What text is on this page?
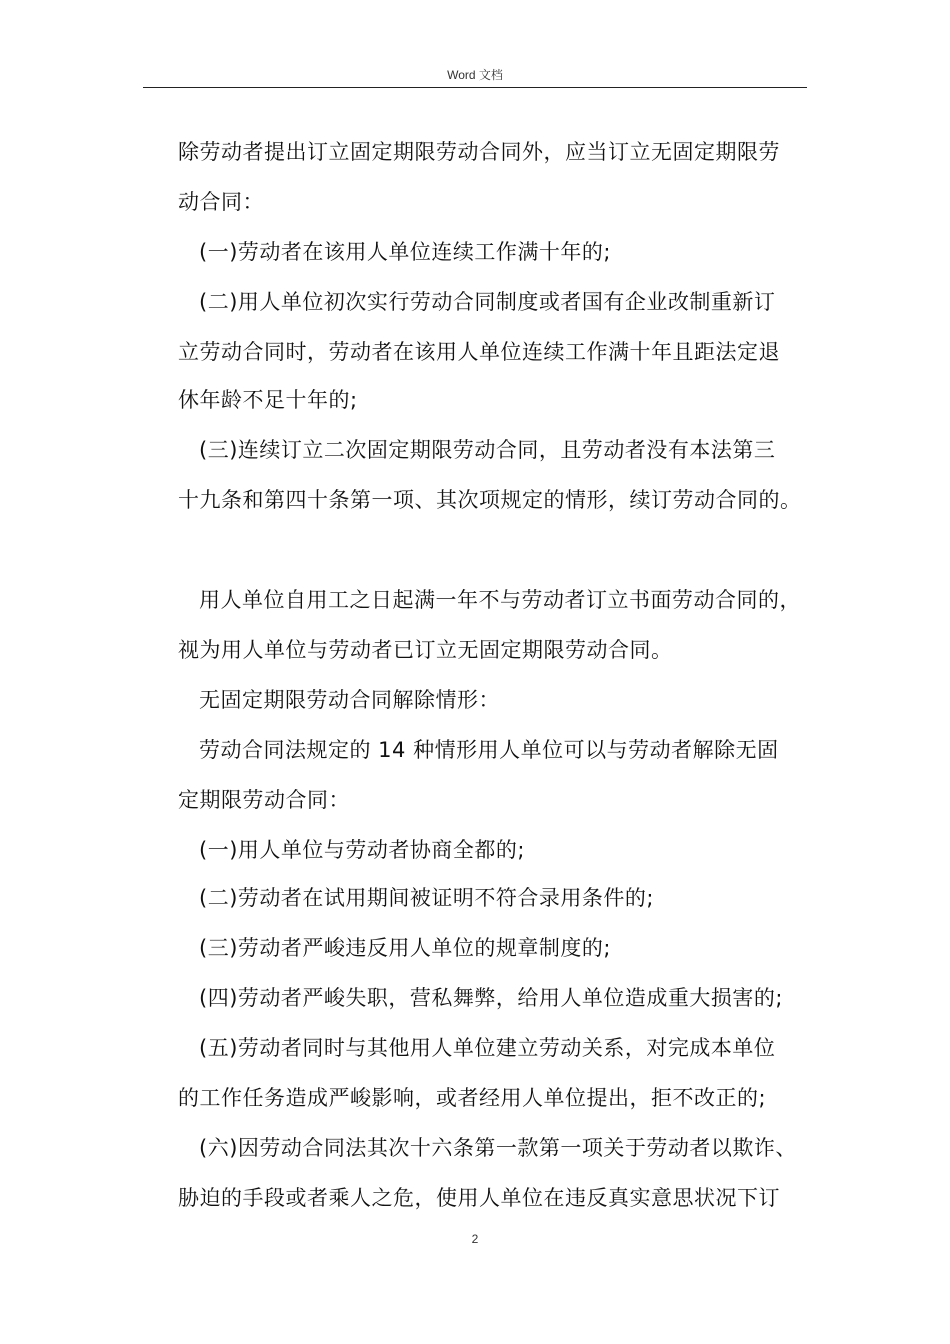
Word 文档
除劳动者提出订立固定期限劳动合同外，应当订立无固定期限劳
动合同：
(一)劳动者在该用人单位连续工作满十年的;
(二)用人单位初次实行劳动合同制度或者国有企业改制重新订
立劳动合同时，劳动者在该用人单位连续工作满十年且距法定退
休年龄不足十年的;
(三)连续订立二次固定期限劳动合同，且劳动者没有本法第三
十九条和第四十条第一项、其次项规定的情形，续订劳动合同的。
用人单位自用工之日起满一年不与劳动者订立书面劳动合同的，
视为用人单位与劳动者已订立无固定期限劳动合同。
无固定期限劳动合同解除情形：
劳动合同法规定的 14 种情形用人单位可以与劳动者解除无固
定期限劳动合同：
(一)用人单位与劳动者协商全都的;
(二)劳动者在试用期间被证明不符合录用条件的;
(三)劳动者严峻违反用人单位的规章制度的;
(四)劳动者严峻失职，营私舞弊，给用人单位造成重大损害的;
(五)劳动者同时与其他用人单位建立劳动关系，对完成本单位
的工作任务造成严峻影响，或者经用人单位提出，拒不改正的;
(六)因劳动合同法其次十六条第一款第一项关于劳动者以欺诈、
胁迫的手段或者乘人之危，使用人单位在违反真实意思状况下订
2
